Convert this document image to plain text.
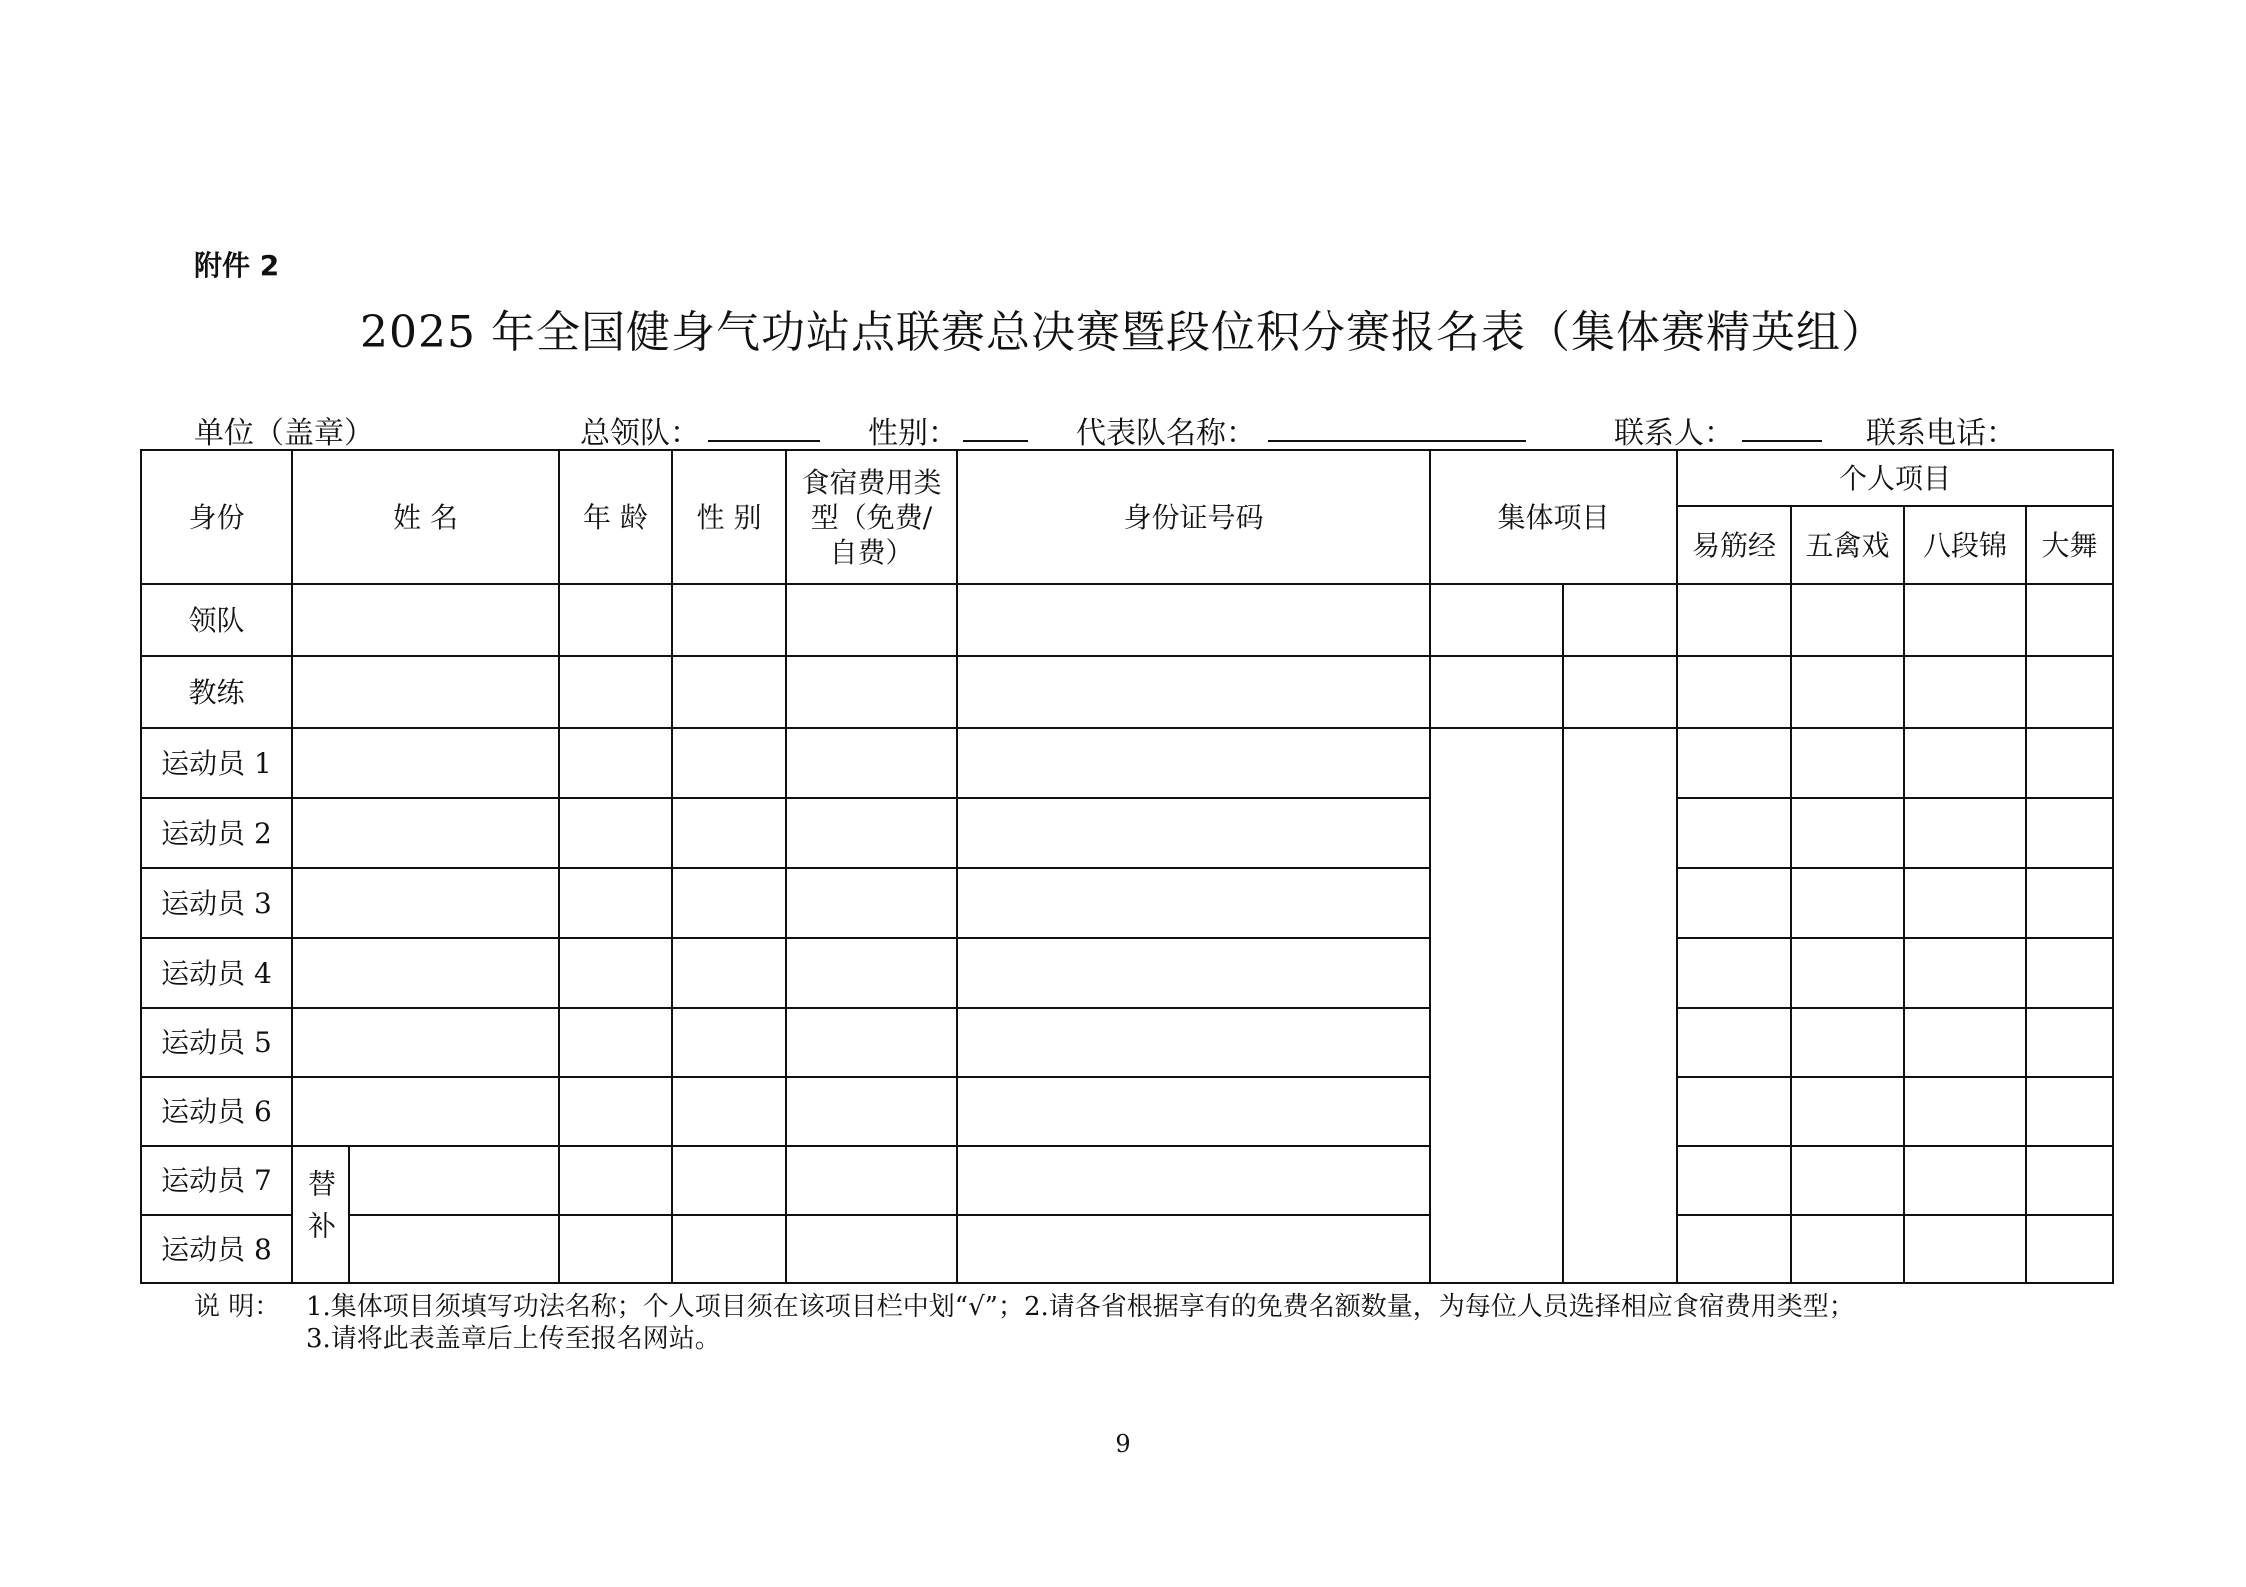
附件 2
2025 年全国健身气功站点联赛总决赛暨段位积分赛报名表（集体赛精英组）
单位（盖章）	总领队：	性别：	代表队名称：	联系人：	联系电话：
身份	姓 名		年 龄	性 别	食宿费用类型（免费/自费）	身份证号码	集体项目		个人项目			
									易筋经	五禽戏	八段锦	大舞
领队												
教练												
运动员 1												
运动员 2												
运动员 3												
运动员 4												
运动员 5												
运动员 6												
运动员 7	替补											
运动员 8												
说 明： 1.集体项目须填写功法名称；个人项目须在该项目栏中划“√”；2.请各省根据享有的免费名额数量，为每位人员选择相应食宿费用类型；
3.请将此表盖章后上传至报名网站。
9
